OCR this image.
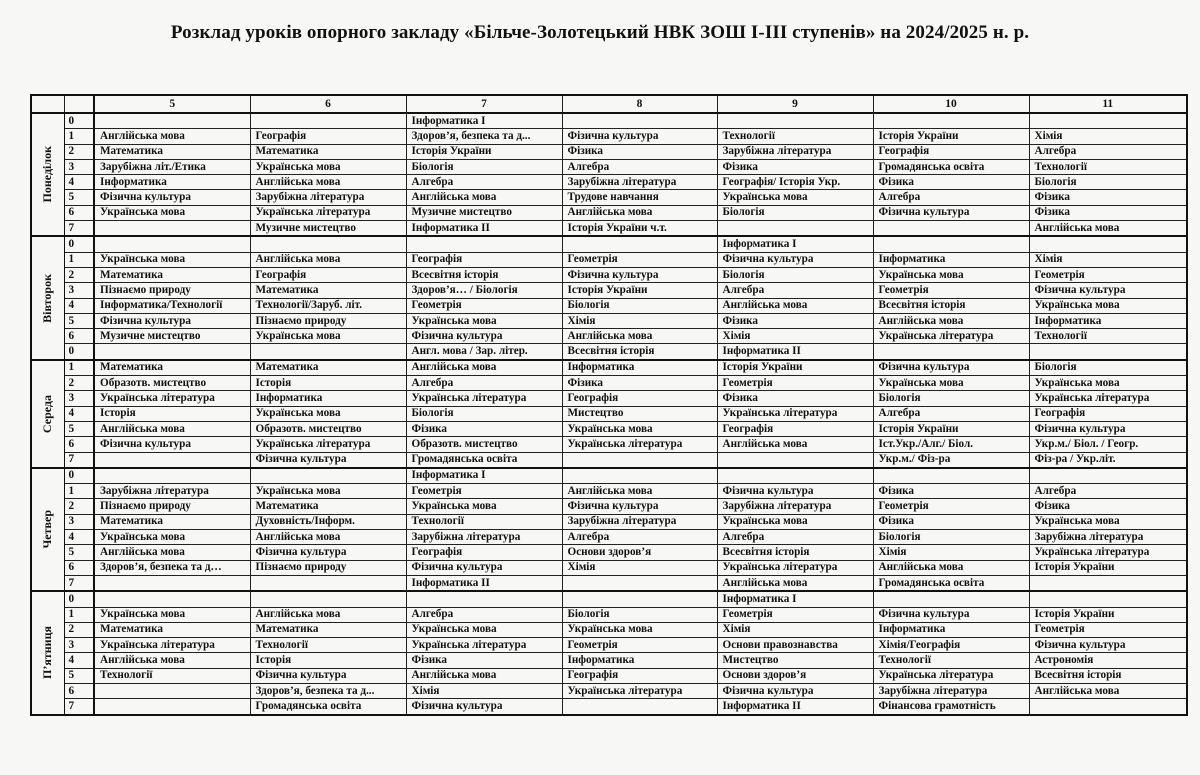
Розклад уроків опорного закладу «Більче-Золотецький НВК ЗОШ І-ІІІ ступенів» на 2024/2025 н. р.
		5	6	7	8	9	10	11

Понеділок	0			Інформатика І				
	1	Англійська мова	Географія	Здоров’я, безпека та д...	Фізична культура	Технології	Історія України	Хімія
	2	Математика	Математика	Історія України	Фізика	Зарубіжна література	Географія	Алгебра
	3	Зарубіжна літ./Етика	Українська мова	Біологія	Алгебра	Фізика	Громадянська освіта	Технології
	4	Інформатика	Англійська мова	Алгебра	Зарубіжна література	Географія/ Історія Укр.	Фізика	Біологія
	5	Фізична культура	Зарубіжна література	Англійська мова	Трудове навчання	Українська мова	Алгебра	Фізика
	6	Українська мова	Українська література	Музичне мистецтво	Англійська мова	Біологія	Фізична культура	Фізика
	7		Музичне мистецтво	Інформатика ІІ	Історія України ч.т.			Англійська мова

Вівторок	0					Інформатика І		
	1	Українська мова	Англійська мова	Географія	Геометрія	Фізична культура	Інформатика	Хімія
	2	Математика	Географія	Всесвітня історія	Фізична культура	Біологія	Українська мова	Геометрія
	3	Пізнаємо природу	Математика	Здоров’я… / Біологія	Історія України	Алгебра	Геометрія	Фізична культура
	4	Інформатика/Технології	Технології/Заруб. літ.	Геометрія	Біологія	Англійська мова	Всесвітня історія	Українська мова
	5	Фізична культура	Пізнаємо природу	Українська мова	Хімія	Фізика	Англійська мова	Інформатика
	6	Музичне мистецтво	Українська мова	Фізична культура	Англійська мова	Хімія	Українська література	Технології
	0			Англ. мова / Зар. літер.	Всесвітня історія	Інформатика ІІ		

Середа	1	Математика	Математика	Англійська мова	Інформатика	Історія України	Фізична культура	Біологія
	2	Образотв. мистецтво	Історія	Алгебра	Фізика	Геометрія	Українська мова	Українська мова
	3	Українська література	Інформатика	Українська література	Географія	Фізика	Біологія	Українська література
	4	Історія	Українська мова	Біологія	Мистецтво	Українська література	Алгебра	Географія
	5	Англійська мова	Образотв. мистецтво	Фізика	Українська мова	Географія	Історія України	Фізична культура
	6	Фізична культура	Українська література	Образотв. мистецтво	Українська література	Англійська мова	Іст.Укр./Алг./ Біол.	Укр.м./ Біол. / Геогр.
	7		Фізична культура	Громадянська освіта			Укр.м./ Фіз-ра	Фіз-ра / Укр.літ.

Четвер	0			Інформатика І				
	1	Зарубіжна література	Українська мова	Геометрія	Англійська мова	Фізична культура	Фізика	Алгебра
	2	Пізнаємо природу	Математика	Українська мова	Фізична культура	Зарубіжна література	Геометрія	Фізика
	3	Математика	Духовність/Інформ.	Технології	Зарубіжна література	Українська мова	Фізика	Українська мова
	4	Українська мова	Англійська мова	Зарубіжна література	Алгебра	Алгебра	Біологія	Зарубіжна література
	5	Англійська мова	Фізична культура	Географія	Основи здоров’я	Всесвітня історія	Хімія	Українська література
	6	Здоров’я, безпека та д…	Пізнаємо природу	Фізична культура	Хімія	Українська література	Англійська мова	Історія України
	7			Інформатика ІІ		Англійська мова	Громадянська освіта	

П’ятниця	0					Інформатика І		
	1	Українська мова	Англійська мова	Алгебра	Біологія	Геометрія	Фізична культура	Історія України
	2	Математика	Математика	Українська мова	Українська мова	Хімія	Інформатика	Геометрія
	3	Українська література	Технології	Українська література	Геометрія	Основи правознавства	Хімія/Географія	Фізична культура
	4	Англійська мова	Історія	Фізика	Інформатика	Мистецтво	Технології	Астрономія
	5	Технології	Фізична культура	Англійська мова	Географія	Основи здоров’я	Українська література	Всесвітня історія
	6		Здоров’я, безпека та д...	Хімія	Українська література	Фізична культура	Зарубіжна література	Англійська мова
	7		Громадянська освіта	Фізична культура		Інформатика ІІ	Фінансова грамотність	
